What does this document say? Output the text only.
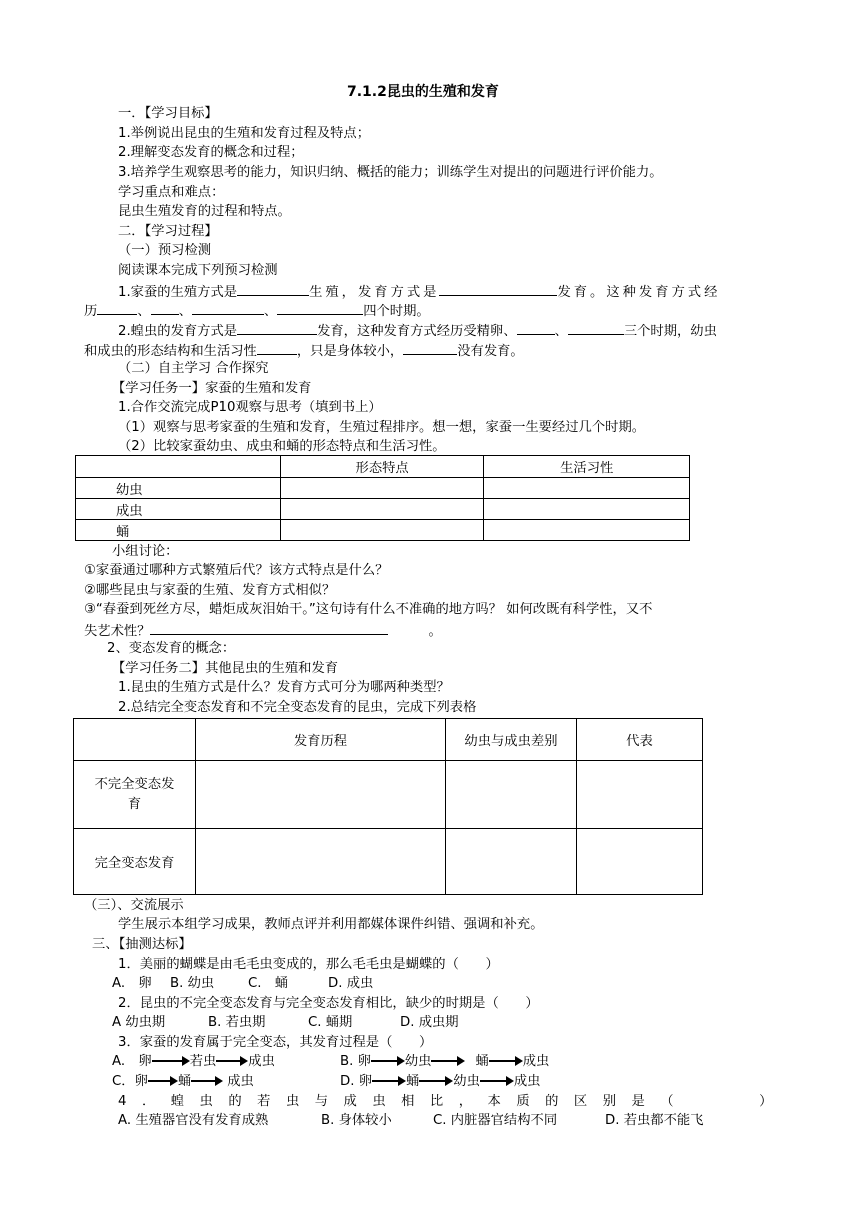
7.1.2昆虫的生殖和发育
一．【学习目标】
1.举例说出昆虫的生殖和发育过程及特点；
2.理解变态发育的概念和过程；
3.培养学生观察思考的能力，知识归纳、概括的能力；训练学生对提出的问题进行评价能力。
学习重点和难点：
昆虫生殖发育的过程和特点。
二．【学习过程】
（一）预习检测
阅读课本完成下列预习检测
1.家蚕的生殖方式是	生殖，发育方式是	发育。这种发育方式经
历	、 、	、	四个时期。
2.蝗虫的发育方式是	发育，这种发育方式经历受精卵、	、	三个时期，幼虫
和成虫的形态结构和生活习性	，只是身体较小，	没有发育。
（二）自主学习 合作探究
【学习任务一】家蚕的生殖和发育
1.合作交流完成P10观察与思考（填到书上）
（1）观察与思考家蚕的生殖和发育，生殖过程排序。想一想，家蚕一生要经过几个时期。
（2）比较家蚕幼虫、成虫和蛹的形态特点和生活习性。
	形态特点	生活习性
幼虫		
成虫		
蛹		
小组讨论：
①家蚕通过哪种方式繁殖后代？该方式特点是什么？
②哪些昆虫与家蚕的生殖、发育方式相似？
③“春蚕到死丝方尽，蜡炬成灰泪始干。”这句诗有什么不准确的地方吗？ 如何改既有科学性，又不
失艺术性？	。
2、变态发育的概念：
【学习任务二】其他昆虫的生殖和发育
1.昆虫的生殖方式是什么？发育方式可分为哪两种类型？
2.总结完全变态发育和不完全变态发育的昆虫，完成下列表格
	发育历程	幼虫与成虫差别	代表
不完全变态发
育			
完全变态发育			
（三）、交流展示
学生展示本组学习成果，教师点评并利用都媒体课件纠错、强调和补充。
三、【抽测达标】
1．美丽的蝴蝶是由毛毛虫变成的，那么毛毛虫是蝴蝶的（　　）
A.　卵 B. 幼虫	C.　蛹	D. 成虫
2．昆虫的不完全变态发育与完全变态发育相比，缺少的时期是（　　）
A 幼虫期	B. 若虫期	C. 蛹期	D. 成虫期
3．家蚕的发育属于完全变态，其发育过程是（　　）
A.　卵	若虫 成虫	B. 卵	幼虫	蛹	成虫
C．卵 蛹	成虫	D. 卵	蛹	幼虫	成虫
4．蝗虫的若虫与成虫相比，本质的区别是（	）
A. 生殖器官没有发育成熟	B. 身体较小	C. 内脏器官结构不同	D. 若虫都不能飞
